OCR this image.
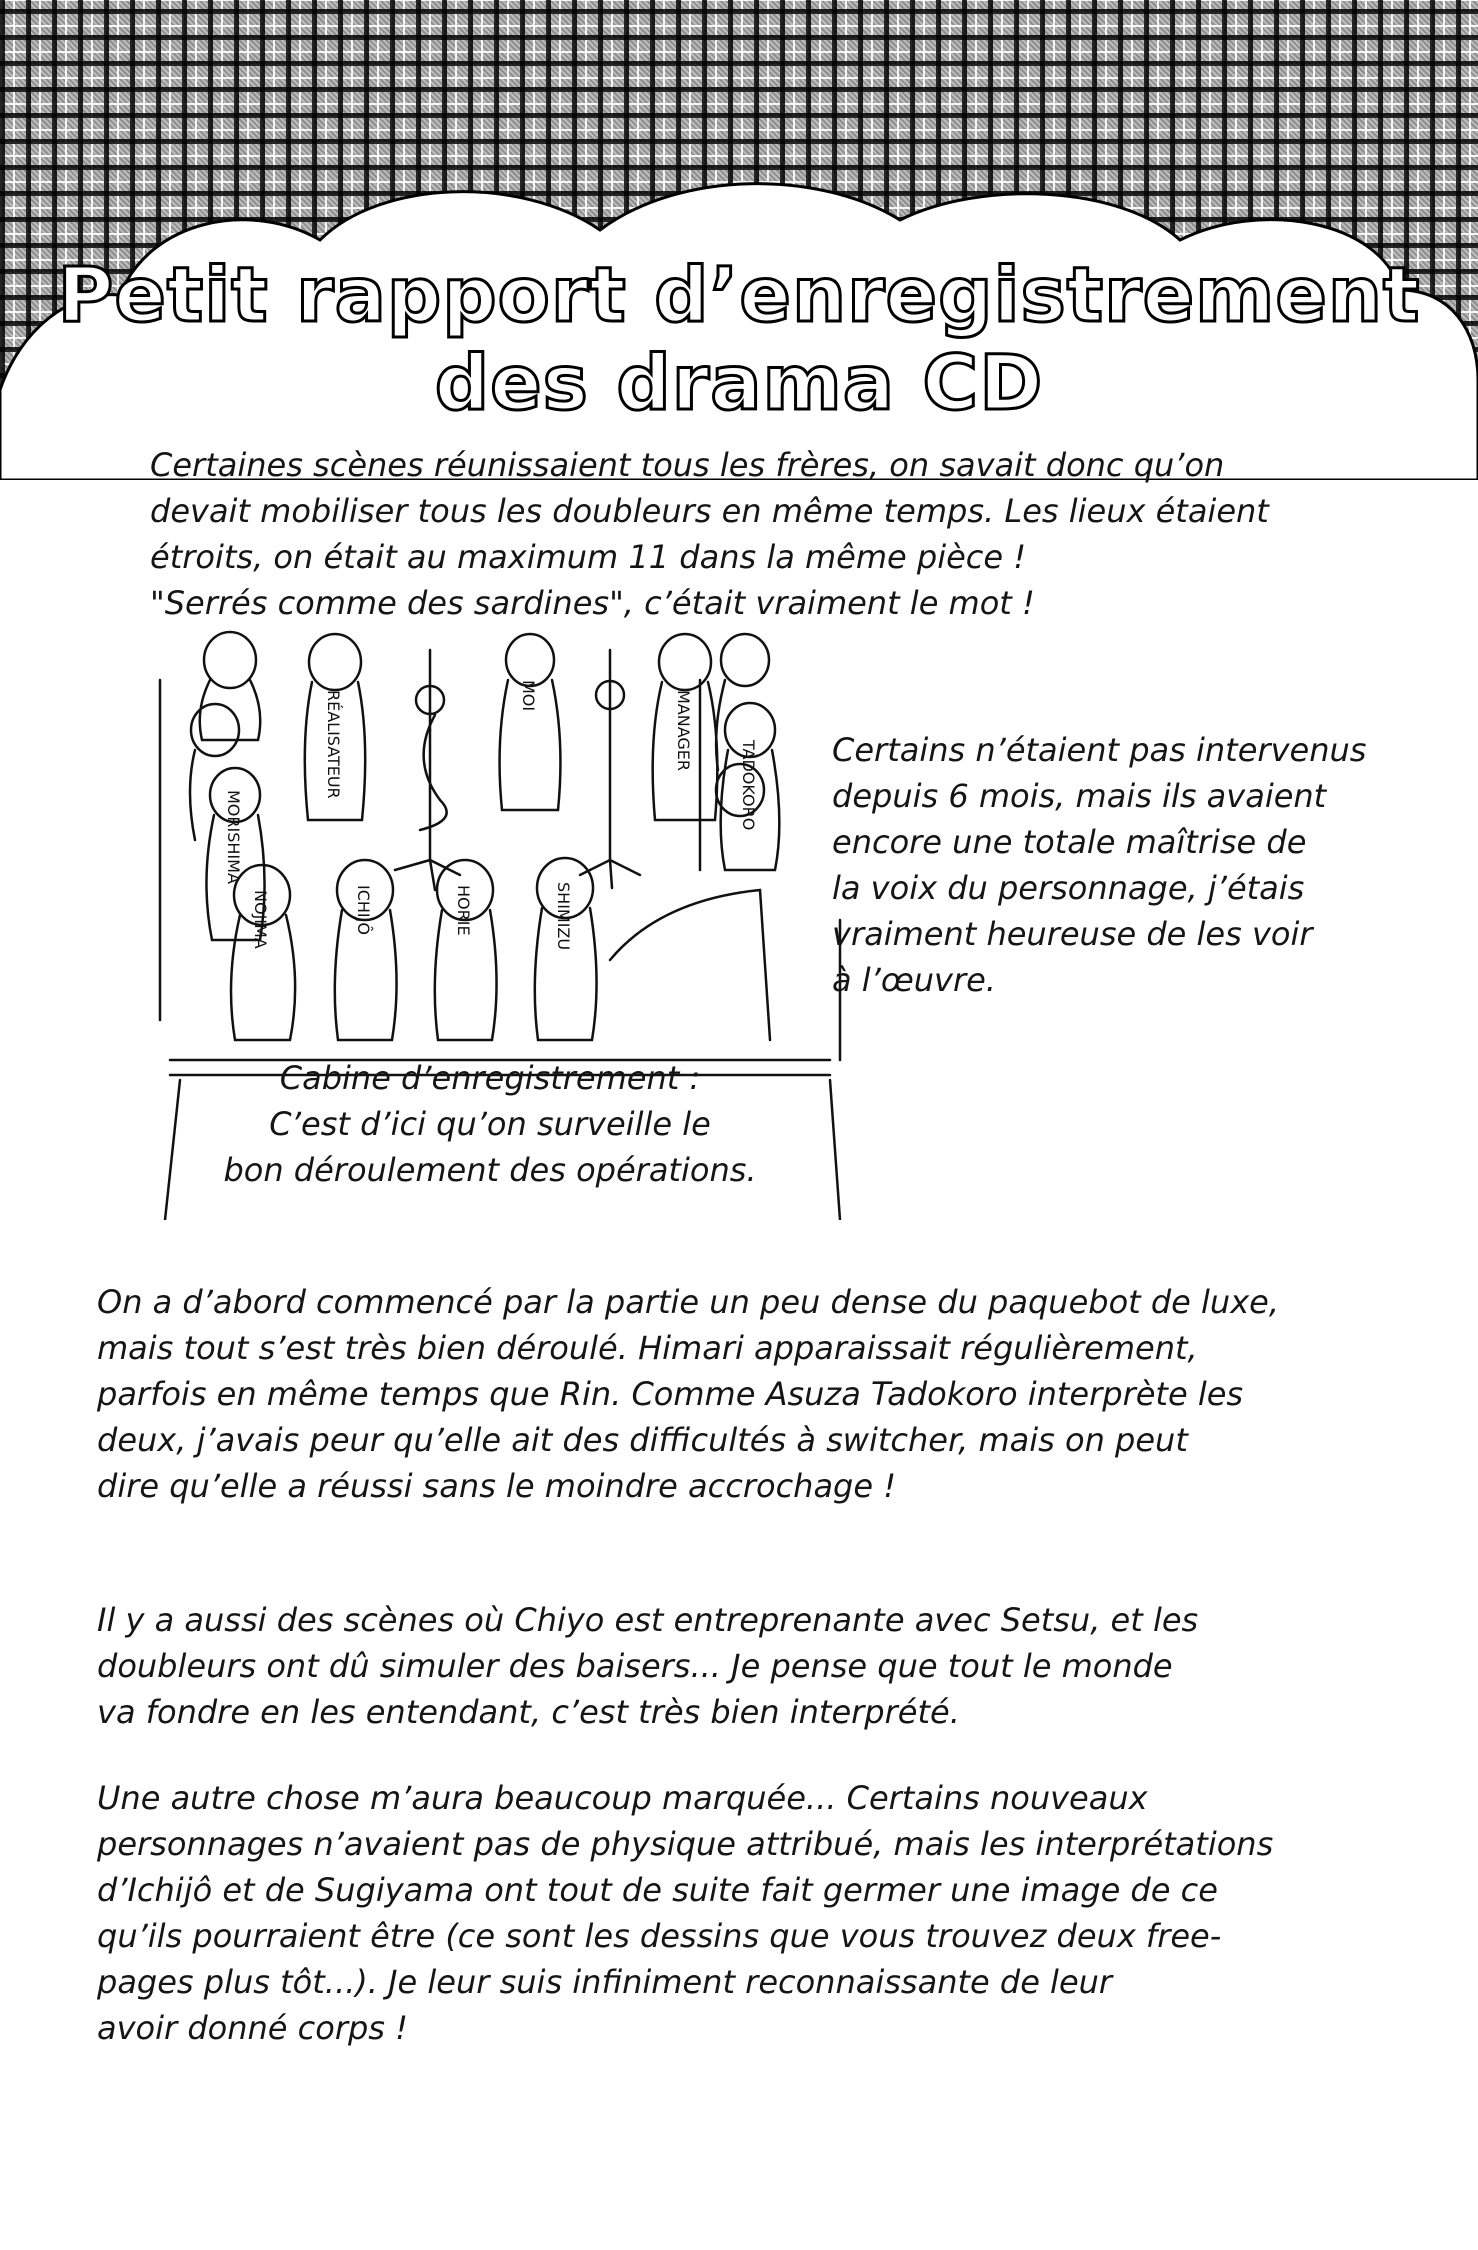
Petit rapport d’enregistrement
des drama CD

Certaines scènes réunissaient tous les frères, on savait donc qu’on
devait mobiliser tous les doubleurs en même temps. Les lieux étaient
étroits, on était au maximum 11 dans la même pièce !
"Serrés comme des sardines", c’était vraiment le mot !

RÉALISATEUR	MOI	MANAGER
TADOKORO
MORISHIMA
NOJIMA	ICHIJÔ	HORIE	SHIMIZU

Cabine d’enregistrement :
C’est d’ici qu’on surveille le
bon déroulement des opérations.

Certains n’étaient pas intervenus
depuis 6 mois, mais ils avaient
encore une totale maîtrise de
la voix du personnage, j’étais
vraiment heureuse de les voir
à l’œuvre.

On a d’abord commencé par la partie un peu dense du paquebot de luxe,
mais tout s’est très bien déroulé. Himari apparaissait régulièrement,
parfois en même temps que Rin. Comme Asuza Tadokoro interprète les
deux, j’avais peur qu’elle ait des difficultés à switcher, mais on peut
dire qu’elle a réussi sans le moindre accrochage !

Il y a aussi des scènes où Chiyo est entreprenante avec Setsu, et les
doubleurs ont dû simuler des baisers... Je pense que tout le monde
va fondre en les entendant, c’est très bien interprété.

Une autre chose m’aura beaucoup marquée... Certains nouveaux
personnages n’avaient pas de physique attribué, mais les interprétations
d’Ichijô et de Sugiyama ont tout de suite fait germer une image de ce
qu’ils pourraient être (ce sont les dessins que vous trouvez deux free-
pages plus tôt...). Je leur suis infiniment reconnaissante de leur
avoir donné corps !
